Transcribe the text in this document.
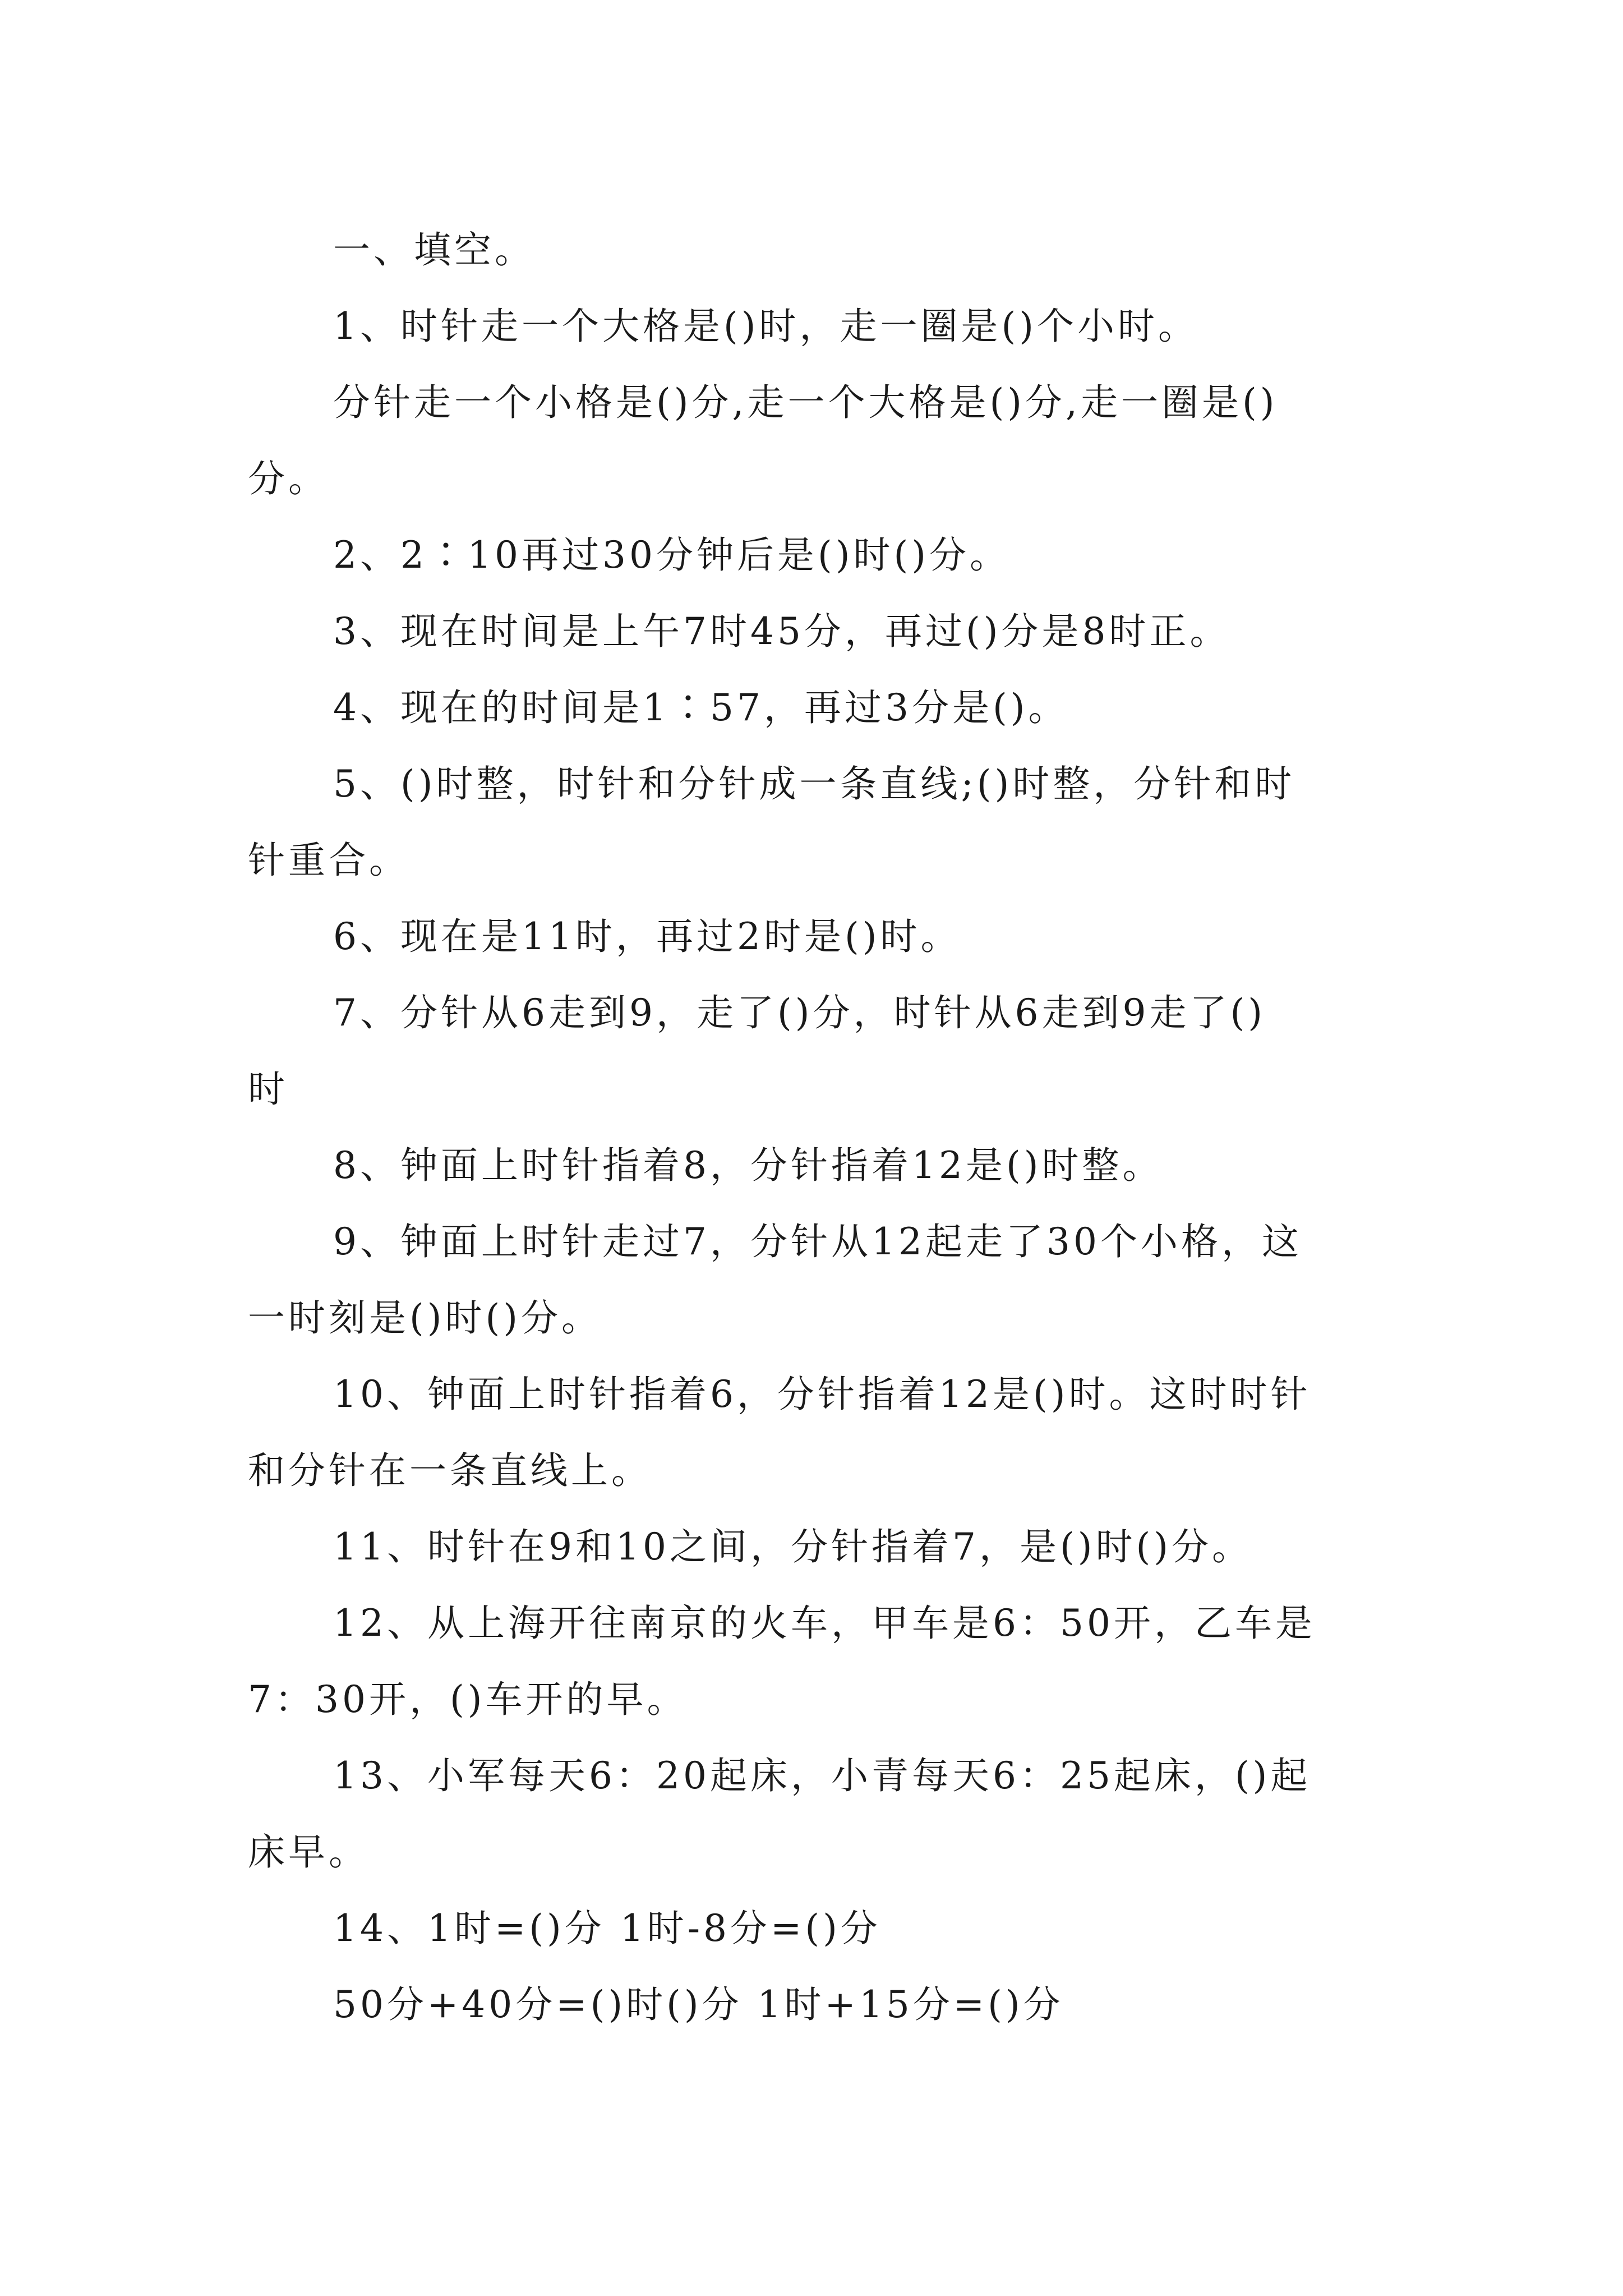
一、填空。
1、时针走一个大格是()时，走一圈是()个小时。
分针走一个小格是()分,走一个大格是()分,走一圈是()
分。
2、2∶10再过30分钟后是()时()分。
3、现在时间是上午7时45分，再过()分是8时正。
4、现在的时间是1∶57，再过3分是()。
5、()时整，时针和分针成一条直线;()时整，分针和时
针重合。
6、现在是11时，再过2时是()时。
7、分针从6走到9，走了()分，时针从6走到9走了()
时
8、钟面上时针指着8，分针指着12是()时整。
9、钟面上时针走过7，分针从12起走了30个小格，这
一时刻是()时()分。
10、钟面上时针指着6，分针指着12是()时。这时时针
和分针在一条直线上。
11、时针在9和10之间，分针指着7，是()时()分。
12、从上海开往南京的火车，甲车是6：50开，乙车是
7：30开，()车开的早。
13、小军每天6：20起床，小青每天6：25起床，()起
床早。
14、1时=()分 1时-8分=()分
50分+40分=()时()分 1时+15分=()分
